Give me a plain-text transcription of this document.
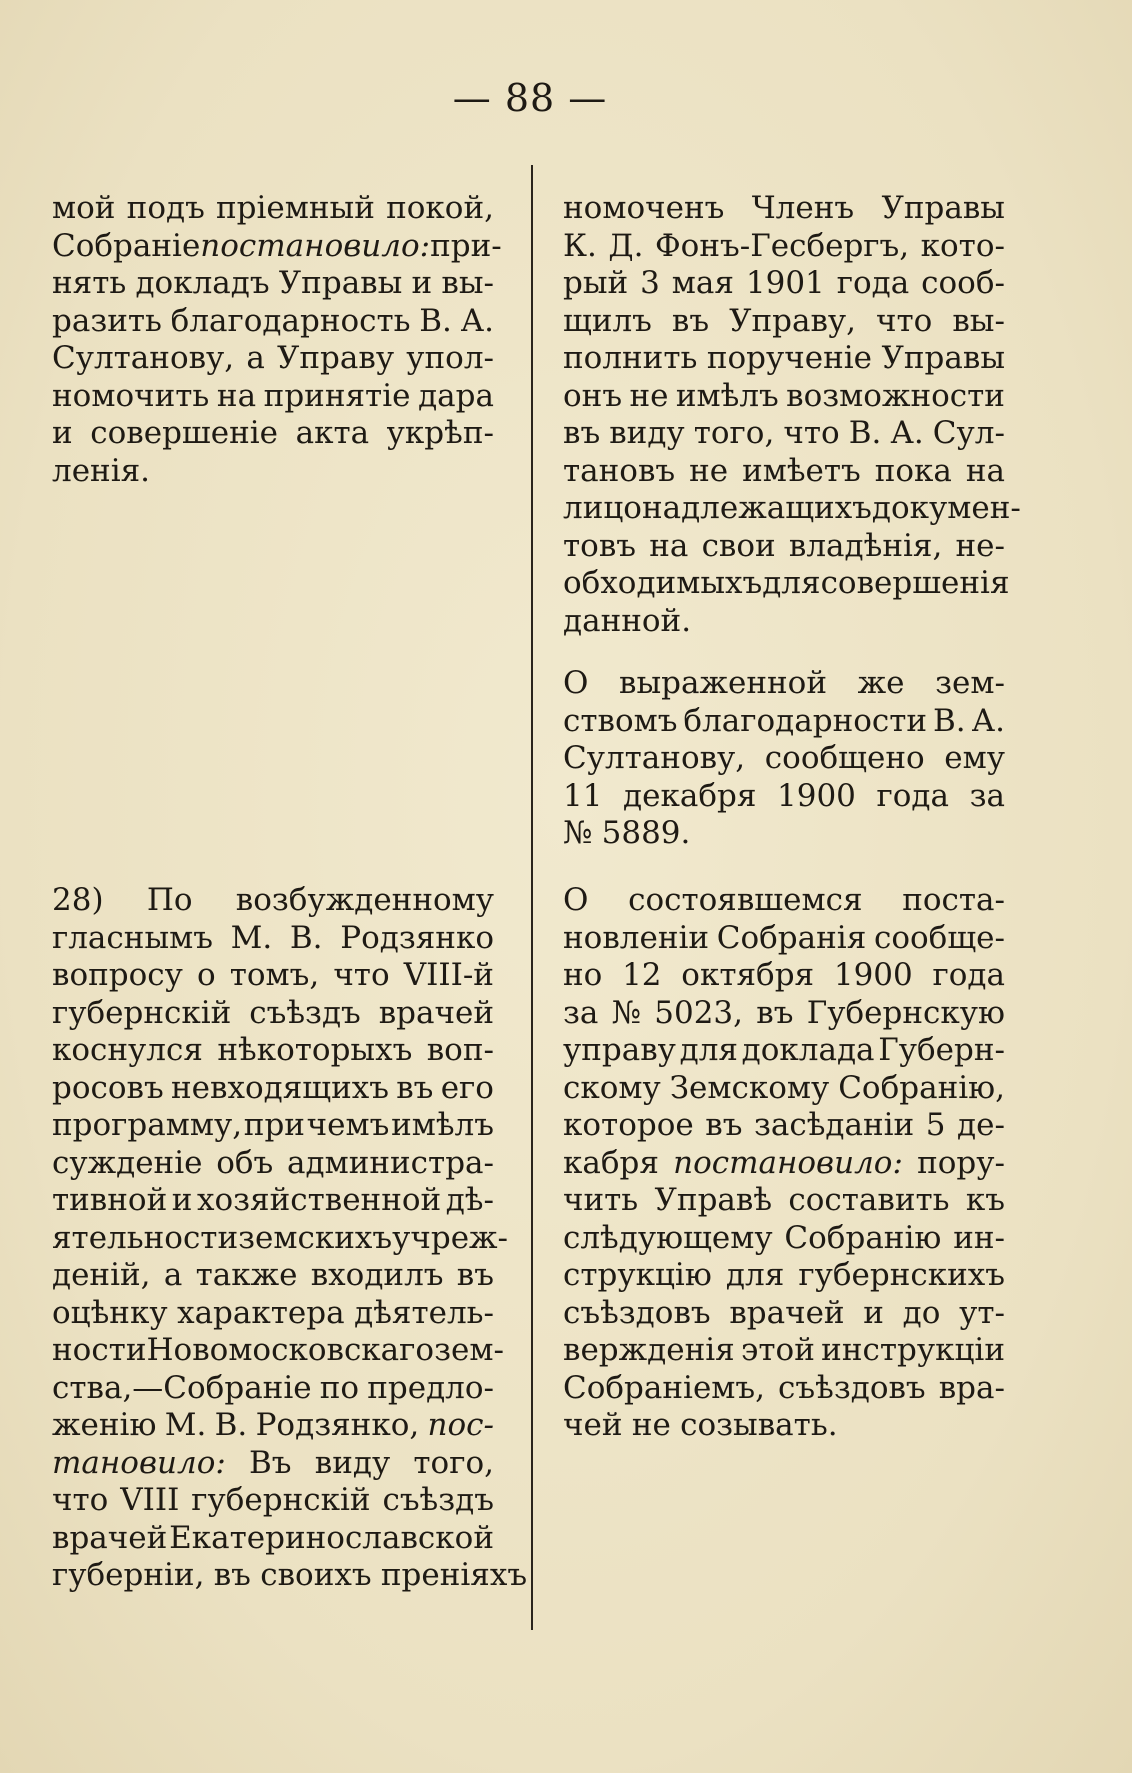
— 88 —
мой подъ пріемный покой,
Собраніе постановило: при-
нять докладъ Управы и вы-
разить благодарность В. А.
Султанову, а Управу упол-
номочить на принятіе дара
и совершеніе акта укрѣп-
ленія.
28) По возбужденному
гласнымъ М. В. Родзянко
вопросу о томъ, что VIII-й
губернскій съѣздъ врачей
коснулся нѣкоторыхъ воп-
росовъ невходящихъ въ его
программу, при чемъ имѣлъ
сужденіе объ администра-
тивной и хозяйственной дѣ-
ятельности земскихъ учреж-
деній, а также входилъ въ
оцѣнку характера дѣятель-
ности Новомосковскаго зем-
ства,—Собраніе по предло-
женію М. В. Родзянко, пос-
тановило: Въ виду того,
что VIII губернскій съѣздъ
врачей Екатеринославской
губерніи, въ своихъ преніяхъ
номоченъ Членъ Управы
К. Д. Фонъ-Гесбергъ, кото-
рый 3 мая 1901 года сооб-
щилъ въ Управу, что вы-
полнить порученіе Управы
онъ не имѣлъ возможности
въ виду того, что В. А. Сул-
тановъ не имѣетъ пока на
лицо надлежащихъ докумен-
товъ на свои владѣнія, не-
обходимыхъ для совершенія
данной.
О выраженной же зем-
ствомъ благодарности В. А.
Султанову, сообщено ему
11 декабря 1900 года за
№ 5889.
О состоявшемся поста-
новленіи Собранія сообще-
но 12 октября 1900 года
за № 5023, въ Губернскую
управу для доклада Губерн-
скому Земскому Собранію,
которое въ засѣданіи 5 де-
кабря постановило: пору-
чить Управѣ составить къ
слѣдующему Собранію ин-
струкцію для губернскихъ
съѣздовъ врачей и до ут-
вержденія этой инструкціи
Собраніемъ, съѣздовъ вра-
чей не созывать.
